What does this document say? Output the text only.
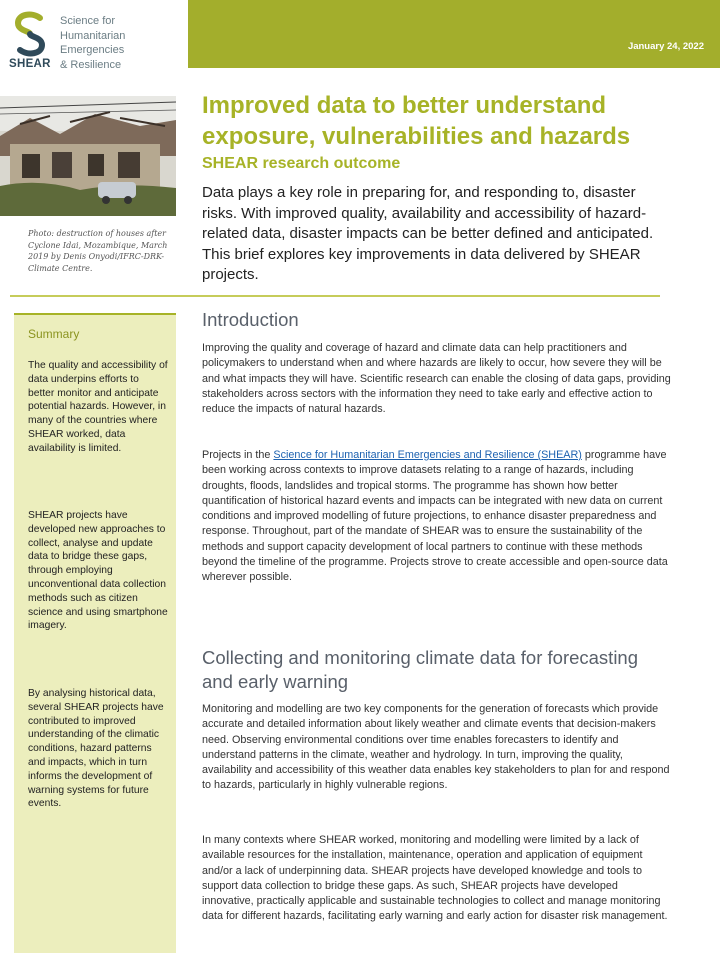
SHEAR
Science for
Humanitarian
Emergencies
& Resilience
January 24, 2022
Photo: destruction of houses after Cyclone Idai, Mozambique, March 2019 by Denis Onyodi/IFRC-DRK-Climate Centre.
Improved data to better understand exposure, vulnerabilities and hazards
SHEAR research outcome
Data plays a key role in preparing for, and responding to, disaster risks. With improved quality, availability and accessibility of hazard-related data, disaster impacts can be better defined and anticipated. This brief explores key improvements in data delivered by SHEAR projects.
Summary

The quality and accessibility of data underpins efforts to better monitor and anticipate potential hazards. However, in many of the countries where SHEAR worked, data availability is limited.

SHEAR projects have developed new approaches to collect, analyse and update data to bridge these gaps, through employing unconventional data collection methods such as citizen science and using smartphone imagery.

By analysing historical data, several SHEAR projects have contributed to improved understanding of the climatic conditions, hazard patterns and impacts, which in turn informs the development of warning systems for future events.

Introduction
Improving the quality and coverage of hazard and climate data can help practitioners and policymakers to understand when and where hazards are likely to occur, how severe they will be and what impacts they will have. Scientific research can enable the closing of data gaps, providing stakeholders across sectors with the information they need to take early and effective action to reduce the impacts of natural hazards.
Projects in the Science for Humanitarian Emergencies and Resilience (SHEAR) programme have been working across contexts to improve datasets relating to a range of hazards, including droughts, floods, landslides and tropical storms. The programme has shown how better quantification of historical hazard events and impacts can be integrated with new data on current conditions and improved modelling of future projections, to enhance disaster preparedness and response. Throughout, part of the mandate of SHEAR was to ensure the sustainability of the methods and support capacity development of local partners to continue with these methods beyond the timeline of the programme. Projects strove to create accessible and open-source data wherever possible.
Collecting and monitoring climate data for forecasting and early warning
Monitoring and modelling are two key components for the generation of forecasts which provide accurate and detailed information about likely weather and climate events that decision-makers need. Observing environmental conditions over time enables forecasters to identify and understand patterns in the climate, weather and hydrology. In turn, improving the quality, availability and accessibility of this weather data enables key stakeholders to plan for and respond to hazards, particularly in highly vulnerable regions.
In many contexts where SHEAR worked, monitoring and modelling were limited by a lack of available resources for the installation, maintenance, operation and application of equipment and/or a lack of underpinning data. SHEAR projects have developed knowledge and tools to support data collection to bridge these gaps. As such, SHEAR projects have developed innovative, practically applicable and sustainable technologies to collect and manage monitoring data for different hazards, facilitating early warning and early action for disaster risk management.
